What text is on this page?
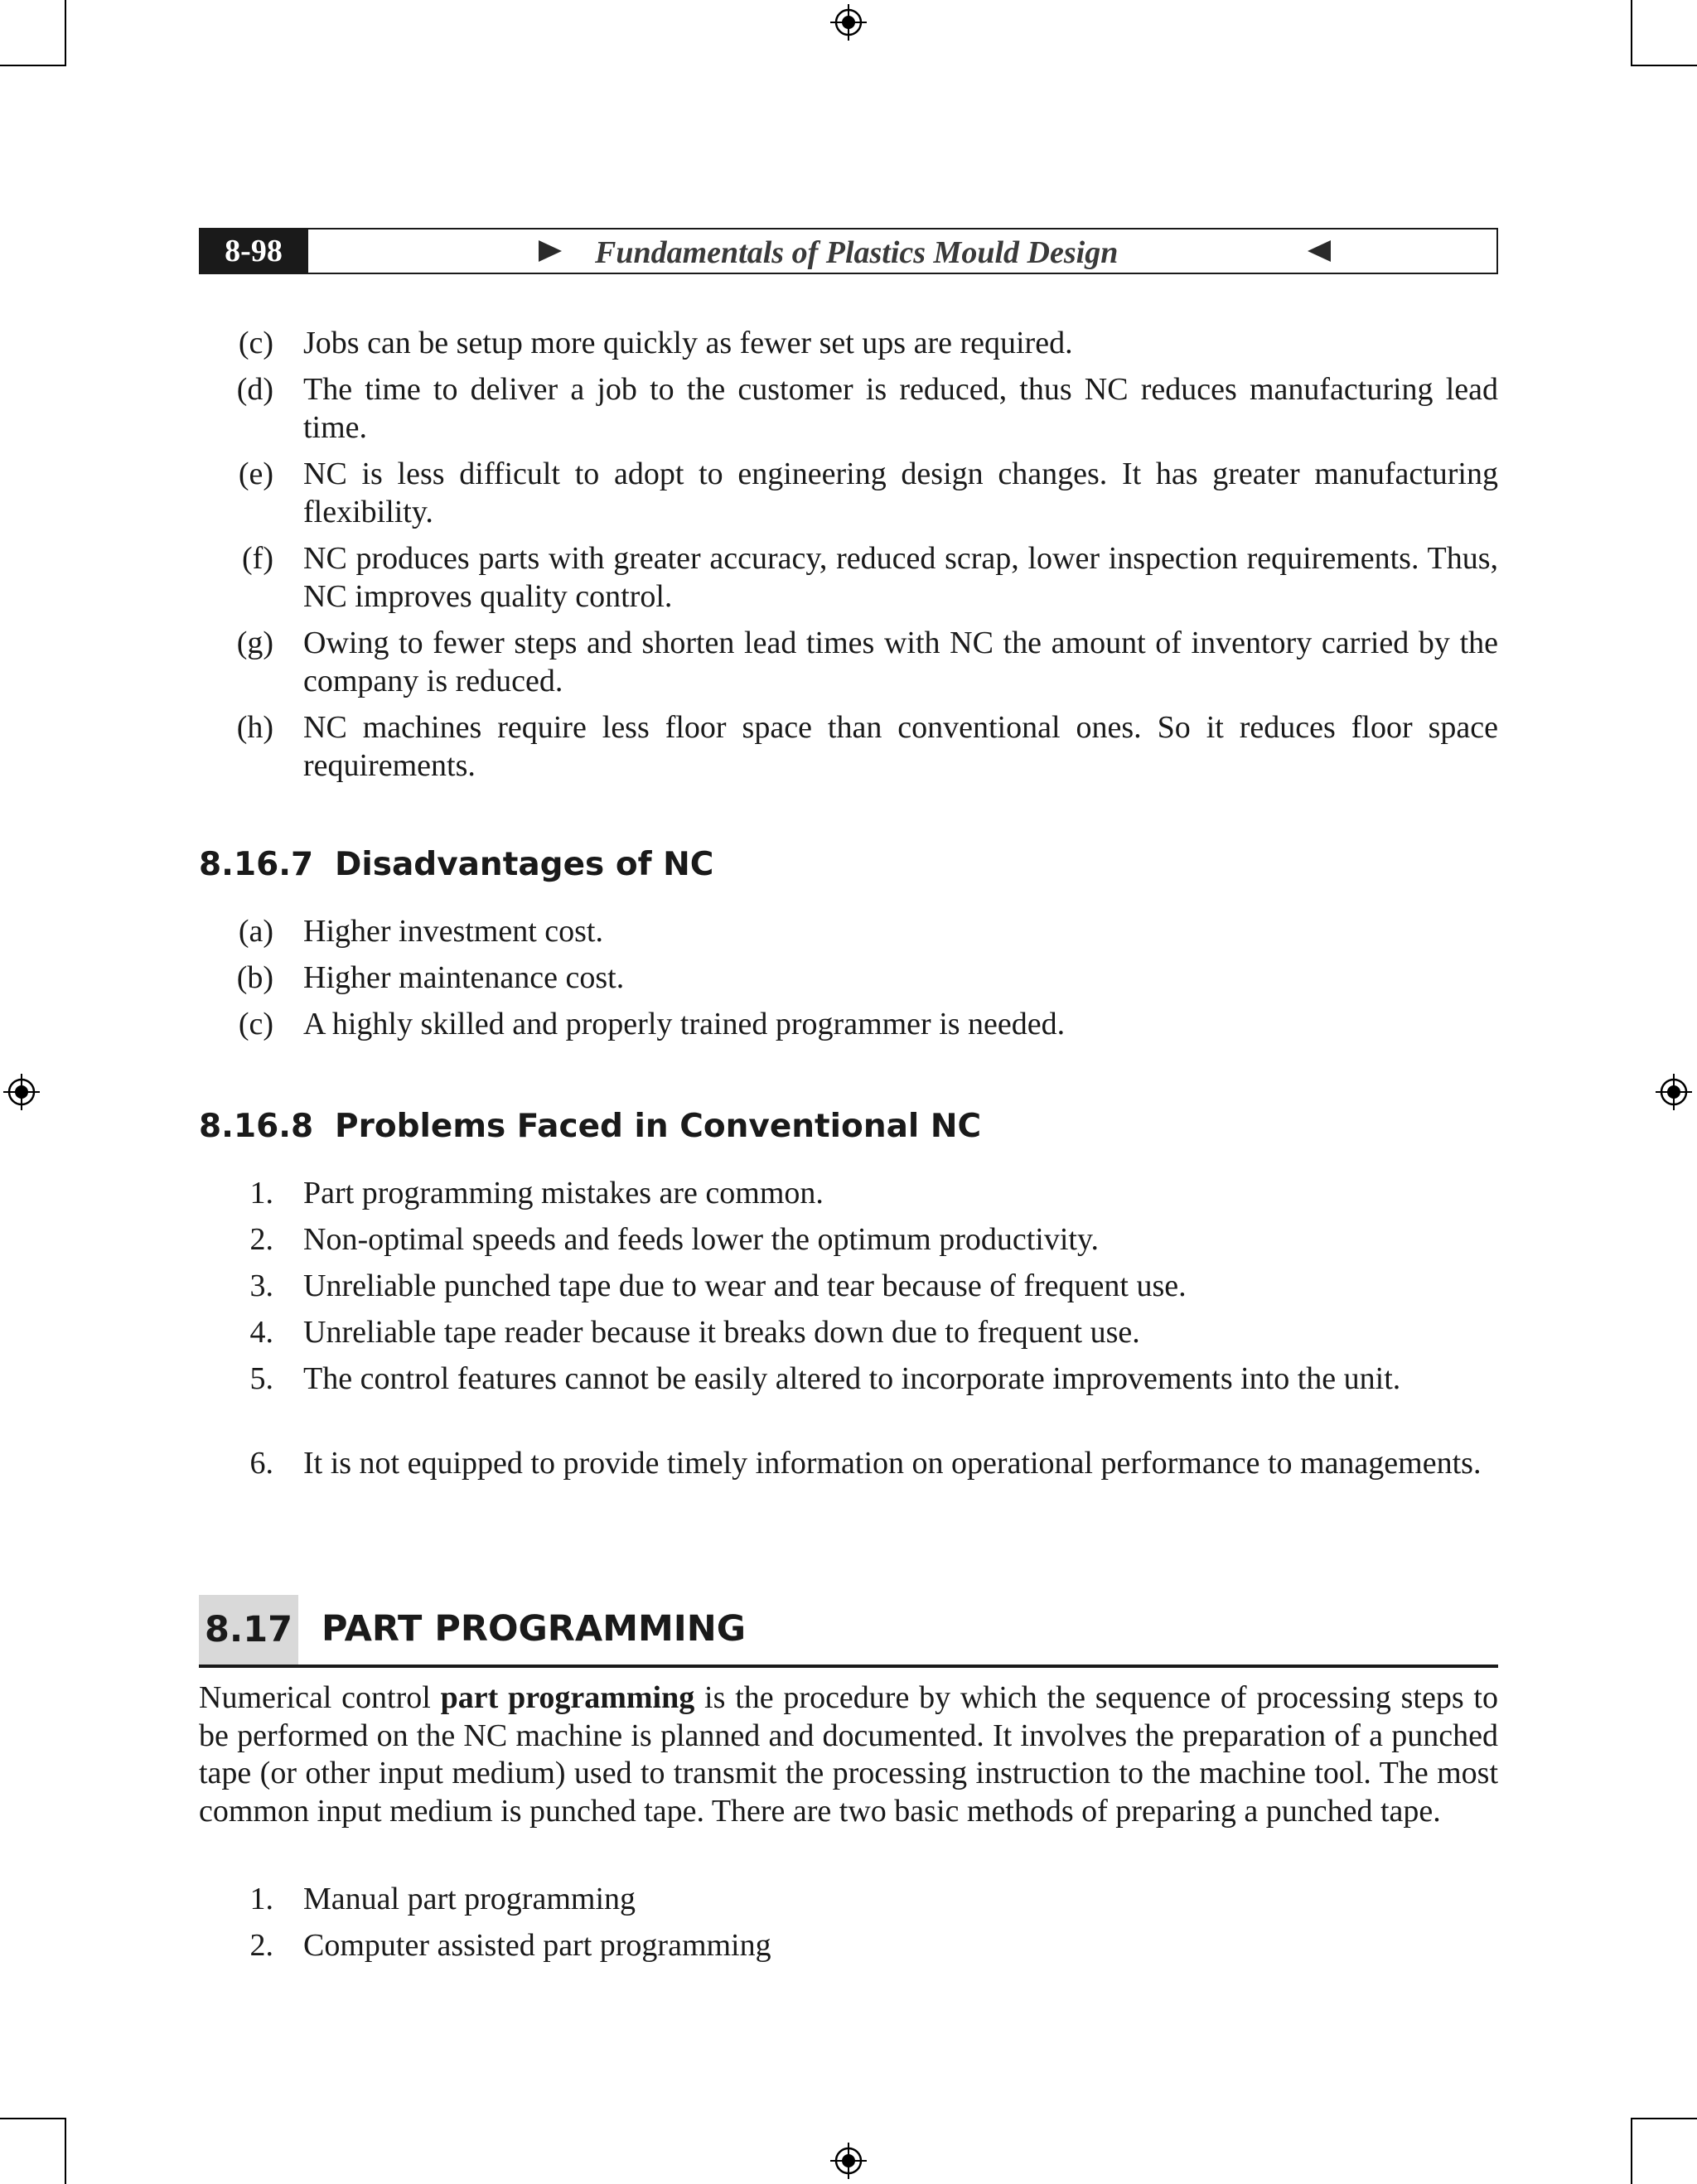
8-98	Fundamentals of Plastics Mould Design
(c) Jobs can be setup more quickly as fewer set ups are required.
(d) The time to deliver a job to the customer is reduced, thus NC reduces manufacturing lead time.
(e) NC is less difficult to adopt to engineering design changes. It has greater manufacturing flexibility.
(f) NC produces parts with greater accuracy, reduced scrap, lower inspection requirements. Thus, NC improves quality control.
(g) Owing to fewer steps and shorten lead times with NC the amount of inventory carried by the company is reduced.
(h) NC machines require less floor space than conventional ones. So it reduces floor space requirements.
8.16.7 Disadvantages of NC
(a) Higher investment cost.
(b) Higher maintenance cost.
(c) A highly skilled and properly trained programmer is needed.
8.16.8 Problems Faced in Conventional NC
1. Part programming mistakes are common.
2. Non-optimal speeds and feeds lower the optimum productivity.
3. Unreliable punched tape due to wear and tear because of frequent use.
4. Unreliable tape reader because it breaks down due to frequent use.
5. The control features cannot be easily altered to incorporate improvements into the unit.
6. It is not equipped to provide timely information on operational performance to managements.
8.17 PART PROGRAMMING
Numerical control part programming is the procedure by which the sequence of processing steps to be performed on the NC machine is planned and documented. It involves the preparation of a punched tape (or other input medium) used to transmit the processing instruction to the machine tool. The most common input medium is punched tape. There are two basic methods of preparing a punched tape.
1. Manual part programming
2. Computer assisted part programming
